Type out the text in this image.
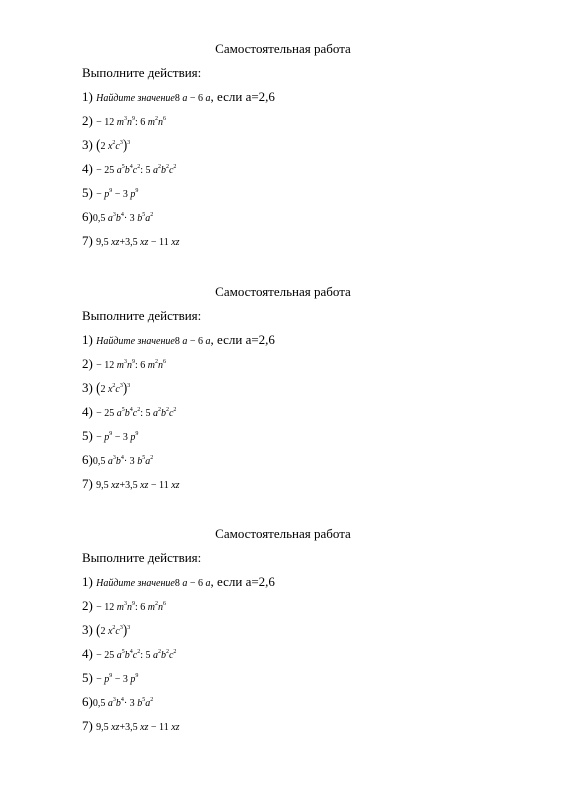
Самостоятельная работа
Выполните действия:
1) Найдите значение8 a − 6 a, если а=2,6
2) − 12 $m^3n^9$: 6 $m^2n^6$
3) (2 $x^2c^3)^3$
4) − 25 $a^5b^4c^2$: 5 $a^2b^2c^2$
$5) - p^9 - 3$ $p^9$
6)0,5 $a^3b^4\cdot 3$ $b^5a^2$
7) 9,5 xz+3,5 xz − 11 xz
Самостоятельная работа
Выполните действия:
1) Найдите значение8 a − 6 a, если а=2,6
2) − 12 $m^3n^9$: 6 $m^2n^6$
3) (2 $x^2c^3)^3$
4) − 25 $a^5b^4c^2$: 5 $a^2b^2c^2$
$5) - p^9 - 3$ $p^9$
6)0,5 $a^3b^4\cdot 3$ $b^5a^2$
7) 9,5 xz+3,5 xz − 11 xz
Самостоятельная работа
Выполните действия:
1) Найдите значение8 a − 6 a, если а=2,6
2) − 12 $m^3n^9$: 6 $m^2n^6$
3) (2 $x^2c^3)^3$
4) − 25 $a^5b^4c^2$: 5 $a^2b^2c^2$
$5) - p^9 - 3$ $p^9$
6)0,5 $a^3b^4\cdot 3$ $b^5a^2$
7) 9,5 xz+3,5 xz − 11 xz
